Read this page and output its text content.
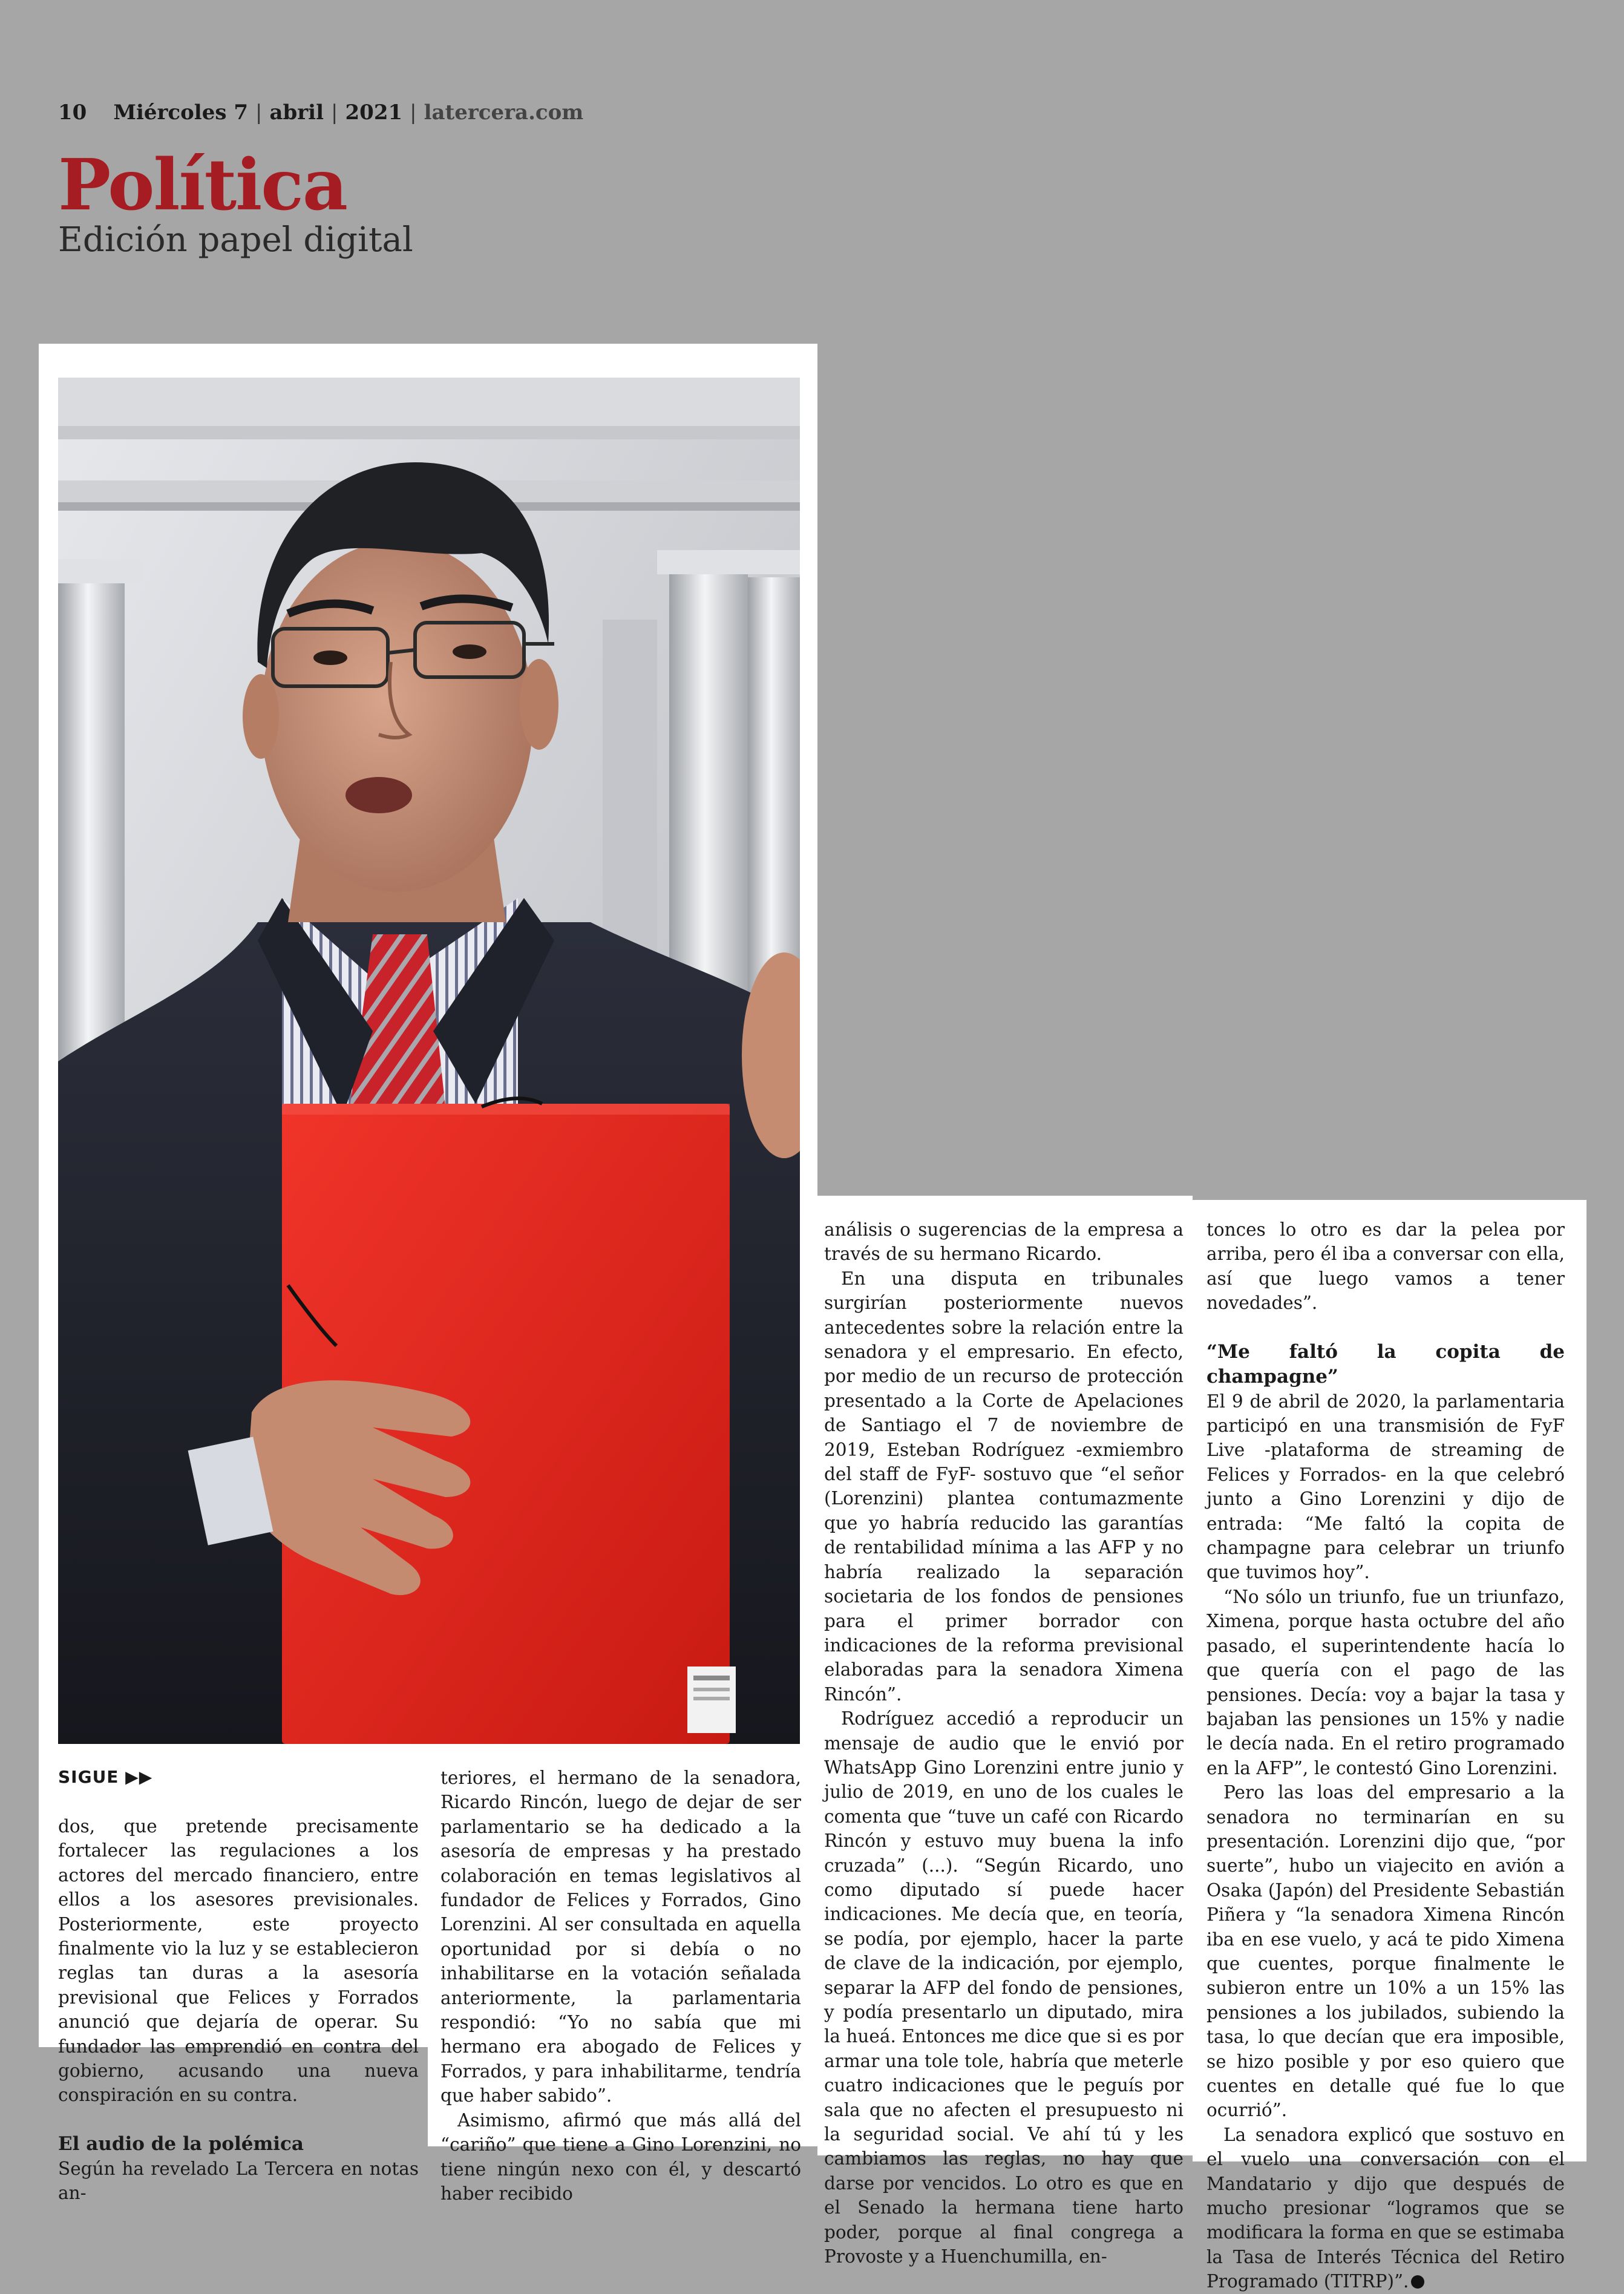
10 Miércoles 7 | abril | 2021 | latercera.com
Política
Edición papel digital
SIGUE ▶▶

dos, que pretende precisamente fortalecer las regulaciones a los actores del mercado financiero, entre ellos a los asesores previsionales. Posteriormente, este proyecto finalmente vio la luz y se establecieron reglas tan duras a la asesoría previsional que Felices y Forrados anunció que dejaría de operar. Su fundador las emprendió en contra del gobierno, acusando una nueva conspiración en su contra.

El audio de la polémica

Según ha revelado La Tercera en notas an-

teriores, el hermano de la senadora, Ricardo Rincón, luego de dejar de ser parlamentario se ha dedicado a la asesoría de empresas y ha prestado colaboración en temas legislativos al fundador de Felices y Forrados, Gino Lorenzini. Al ser consultada en aquella oportunidad por si debía o no inhabilitarse en la votación señalada anteriormente, la parlamentaria respondió: “Yo no sabía que mi hermano era abogado de Felices y Forrados, y para inhabilitarme, tendría que haber sabido”.

Asimismo, afirmó que más allá del “cariño” que tiene a Gino Lorenzini, no tiene ningún nexo con él, y descartó haber recibido

análisis o sugerencias de la empresa a través de su hermano Ricardo.

En una disputa en tribunales surgirían posteriormente nuevos antecedentes sobre la relación entre la senadora y el empresario. En efecto, por medio de un recurso de protección presentado a la Corte de Apelaciones de Santiago el 7 de noviembre de 2019, Esteban Rodríguez -exmiembro del staff de FyF- sostuvo que “el señor (Lorenzini) plantea contumazmente que yo habría reducido las garantías de rentabilidad mínima a las AFP y no habría realizado la separación societaria de los fondos de pensiones para el primer borrador con indicaciones de la reforma previsional elaboradas para la senadora Ximena Rincón”.

Rodríguez accedió a reproducir un mensaje de audio que le envió por WhatsApp Gino Lorenzini entre junio y julio de 2019, en uno de los cuales le comenta que “tuve un café con Ricardo Rincón y estuvo muy buena la info cruzada” (...). “Según Ricardo, uno como diputado sí puede hacer indicaciones. Me decía que, en teoría, se podía, por ejemplo, hacer la parte de clave de la indicación, por ejemplo, separar la AFP del fondo de pensiones, y podía presentarlo un diputado, mira la hueá. Entonces me dice que si es por armar una tole tole, habría que meterle cuatro indicaciones que le peguís por sala que no afecten el presupuesto ni la seguridad social. Ve ahí tú y les cambiamos las reglas, no hay que darse por vencidos. Lo otro es que en el Senado la hermana tiene harto poder, porque al final congrega a Provoste y a Huenchumilla, en-

tonces lo otro es dar la pelea por arriba, pero él iba a conversar con ella, así que luego vamos a tener novedades”.

“Me faltó la copita de champagne”

El 9 de abril de 2020, la parlamentaria participó en una transmisión de FyF Live -plataforma de streaming de Felices y Forrados- en la que celebró junto a Gino Lorenzini y dijo de entrada: “Me faltó la copita de champagne para celebrar un triunfo que tuvimos hoy”.

“No sólo un triunfo, fue un triunfazo, Ximena, porque hasta octubre del año pasado, el superintendente hacía lo que quería con el pago de las pensiones. Decía: voy a bajar la tasa y bajaban las pensiones un 15% y nadie le decía nada. En el retiro programado en la AFP”, le contestó Gino Lorenzini.

Pero las loas del empresario a la senadora no terminarían en su presentación. Lorenzini dijo que, “por suerte”, hubo un viajecito en avión a Osaka (Japón) del Presidente Sebastián Piñera y “la senadora Ximena Rincón iba en ese vuelo, y acá te pido Ximena que cuentes, porque finalmente le subieron entre un 10% a un 15% las pensiones a los jubilados, subiendo la tasa, lo que decían que era imposible, se hizo posible y por eso quiero que cuentes en detalle qué fue lo que ocurrió”.

La senadora explicó que sostuvo en el vuelo una conversación con el Mandatario y dijo que después de mucho presionar “logramos que se modificara la forma en que se estimaba la Tasa de Interés Técnica del Retiro Programado (TITRP)”.
